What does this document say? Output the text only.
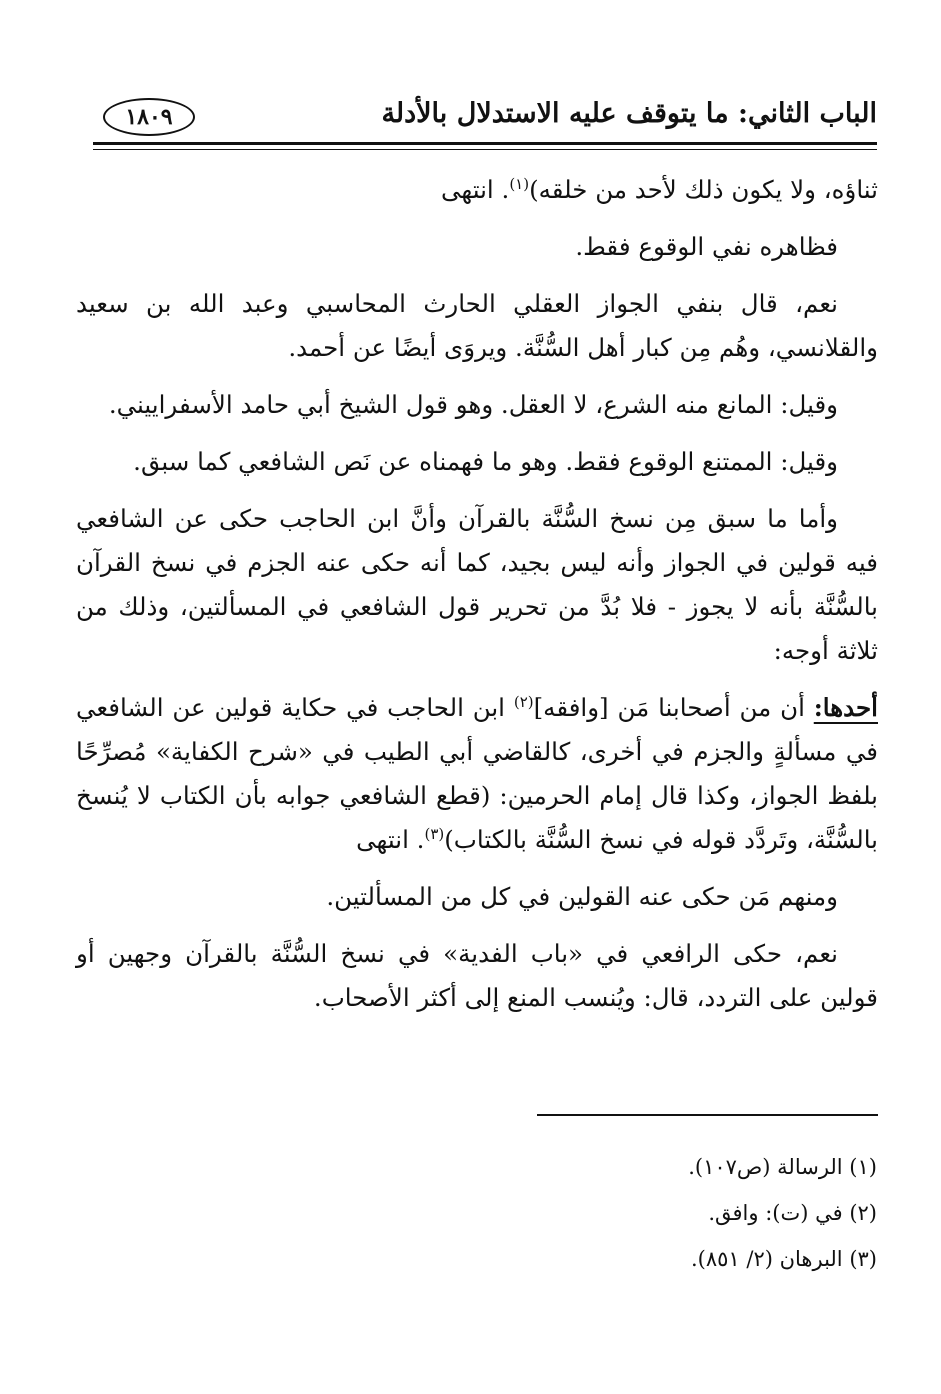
الباب الثاني: ما يتوقف عليه الاستدلال بالأدلة
١٨٠٩

ثناؤه، ولا يكون ذلك لأحد من خلقه)$^{(١)}$. انتهى

فظاهره نفي الوقوع فقط.

نعم، قال بنفي الجواز العقلي الحارث المحاسبي وعبد الله بن سعيد والقلانسي، وهُم مِن كبار أهل السُّنَّة. ويروَى أيضًا عن أحمد.

وقيل: المانع منه الشرع، لا العقل. وهو قول الشيخ أبي حامد الأسفراييني.

وقيل: الممتنع الوقوع فقط. وهو ما فهمناه عن نَص الشافعي كما سبق.

وأما ما سبق مِن نسخ السُّنَّة بالقرآن وأنَّ ابن الحاجب حكى عن الشافعي فيه قولين في الجواز وأنه ليس بجيد، كما أنه حكى عنه الجزم في نسخ القرآن بالسُّنَّة بأنه لا يجوز - فلا بُدَّ من تحرير قول الشافعي في المسألتين، وذلك من ثلاثة أوجه:

أحدها: أن من أصحابنا مَن [وافقه]$^{(٢)}$ ابن الحاجب في حكاية قولين عن الشافعي في مسألةٍ والجزم في أخرى، كالقاضي أبي الطيب في «شرح الكفاية» مُصرِّحًا بلفظ الجواز، وكذا قال إمام الحرمين: (قطع الشافعي جوابه بأن الكتاب لا يُنسخ بالسُّنَّة، وتَردَّد قوله في نسخ السُّنَّة بالكتاب)$^{(٣)}$. انتهى

ومنهم مَن حكى عنه القولين في كل من المسألتين.

نعم، حكى الرافعي في «باب الفدية» في نسخ السُّنَّة بالقرآن وجهين أو قولين على التردد، قال: ويُنسب المنع إلى أكثر الأصحاب.

(١) الرسالة (ص١٠٧).

(٢) في (ت): وافق.

(٣) البرهان (٢/ ٨٥١).
